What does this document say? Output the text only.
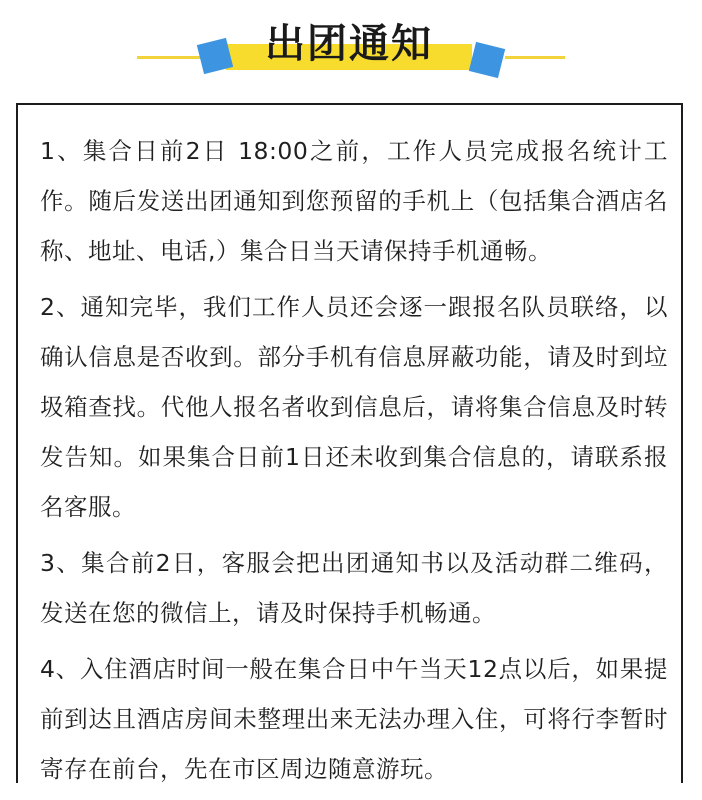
出团通知

1、集合日前2日 18:00之前，工作人员完成报名统计工作。随后发送出团通知到您预留的手机上（包括集合酒店名称、地址、电话,）集合日当天请保持手机通畅。

2、通知完毕，我们工作人员还会逐一跟报名队员联络，以确认信息是否收到。部分手机有信息屏蔽功能，请及时到垃圾箱查找。代他人报名者收到信息后，请将集合信息及时转发告知。如果集合日前1日还未收到集合信息的，请联系报名客服。

3、集合前2日，客服会把出团通知书以及活动群二维码，发送在您的微信上，请及时保持手机畅通。

4、入住酒店时间一般在集合日中午当天12点以后，如果提前到达且酒店房间未整理出来无法办理入住，可将行李暂时寄存在前台，先在市区周边随意游玩。
